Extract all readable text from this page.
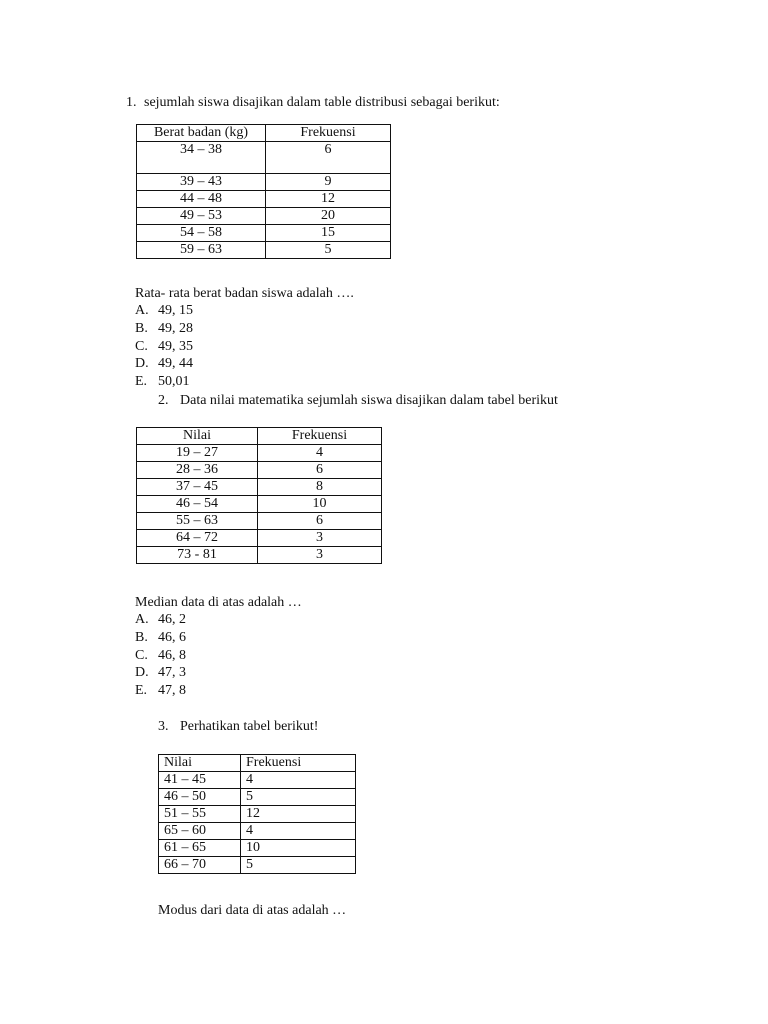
1. sejumlah siswa disajikan dalam table distribusi sebagai berikut:
Berat badan (kg)	Frekuensi
34 – 38	6
39 – 43	9
44 – 48	12
49 – 53	20
54 – 58	15
59 – 63	5
Rata- rata berat badan siswa adalah ….
A. 49, 15
B. 49, 28
C. 49, 35
D. 49, 44
E. 50,01
2. Data nilai matematika sejumlah siswa disajikan dalam tabel berikut
Nilai	Frekuensi
19 – 27	4
28 – 36	6
37 – 45	8
46 – 54	10
55 – 63	6
64 – 72	3
73 - 81	3
Median data di atas adalah …
A. 46, 2
B. 46, 6
C. 46, 8
D. 47, 3
E. 47, 8
3. Perhatikan tabel berikut!
Nilai	Frekuensi
41 – 45	4
46 – 50	5
51 – 55	12
65 – 60	4
61 – 65	10
66 – 70	5
Modus dari data di atas adalah …
